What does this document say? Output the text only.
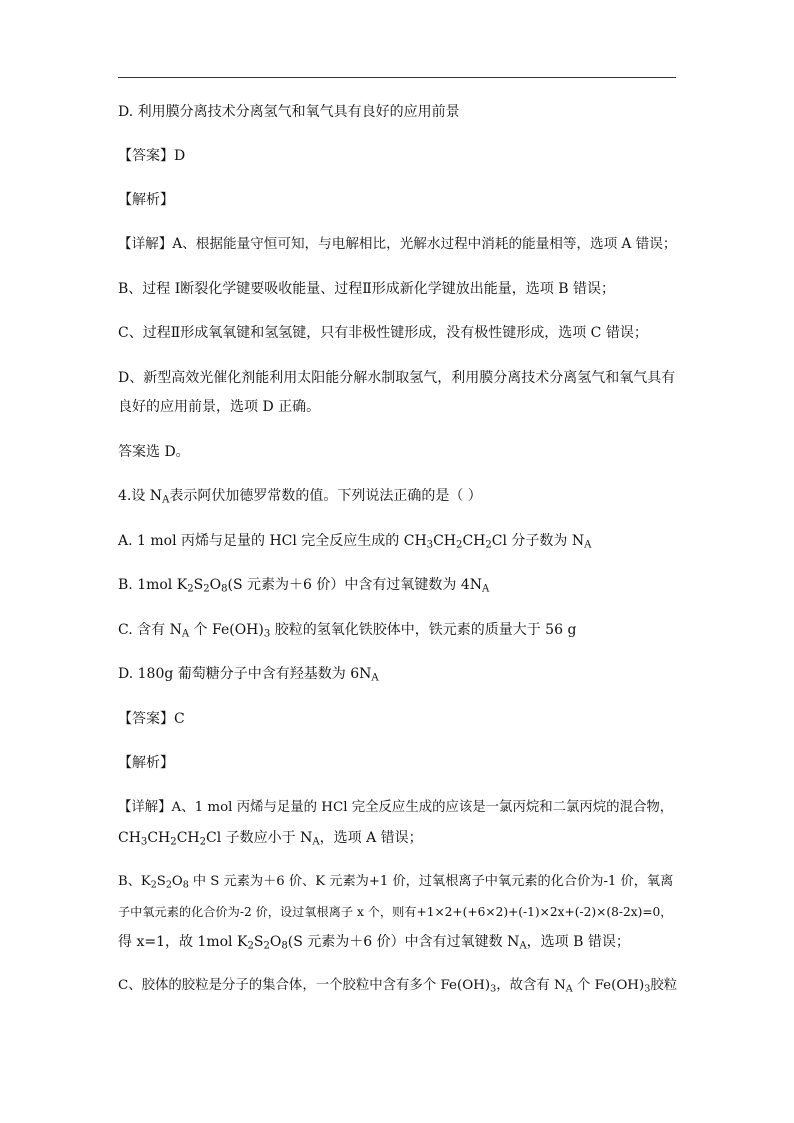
D. 利用膜分离技术分离氢气和氧气具有良好的应用前景
【答案】D
【解析】
【详解】A、根据能量守恒可知，与电解相比，光解水过程中消耗的能量相等，选项 A 错误；
B、过程 I断裂化学键要吸收能量、过程Ⅱ形成新化学键放出能量，选项 B 错误；
C、过程Ⅱ形成氧氧键和氢氢键，只有非极性键形成，没有极性键形成，选项 C 错误；
D、新型高效光催化剂能利用太阳能分解水制取氢气，利用膜分离技术分离氢气和氧气具有
良好的应用前景，选项 D 正确。
答案选 D。
4.设 $N_A$表示阿伏加德罗常数的值。下列说法正确的是（ ）
A. 1 mol 丙烯与足量的 HCl 完全反应生成的 $CH_3CH_2CH_2Cl$ 分子数为 $N_A$
B. 1mol $K_2S_2O_8(S$ 元素为＋6 价）中含有过氧键数为 $4N_A$
C. 含有 $N_A$ 个 $Fe(OH)_3$ 胶粒的氢氧化铁胶体中，铁元素的质量大于 56 g
D. 180g 葡萄糖分子中含有羟基数为 $6N_A$
【答案】C
【解析】
【详解】A、1 mol 丙烯与足量的 HCl 完全反应生成的应该是一氯丙烷和二氯丙烷的混合物，
$CH_3CH_2CH_2Cl$ 子数应小于 $N_A$，选项 A 错误；
B、$K_2S_2O_8$ 中 S 元素为＋6 价、K 元素为+1 价，过氧根离子中氧元素的化合价为-1 价，氧离
子中氧元素的化合价为-2 价，设过氧根离子 x 个，则有+1×2+(+6×2)+(-1)×2x+(-2)×(8-2x)=0，
得 x=1，故 1mol $K_2S_2O_8(S$ 元素为＋6 价）中含有过氧键数 $N_A$，选项 B 错误；
C、胶体的胶粒是分子的集合体，一个胶粒中含有多个 $Fe(OH)_3$，故含有 $N_A$ 个 $Fe(OH)_3$胶粒
